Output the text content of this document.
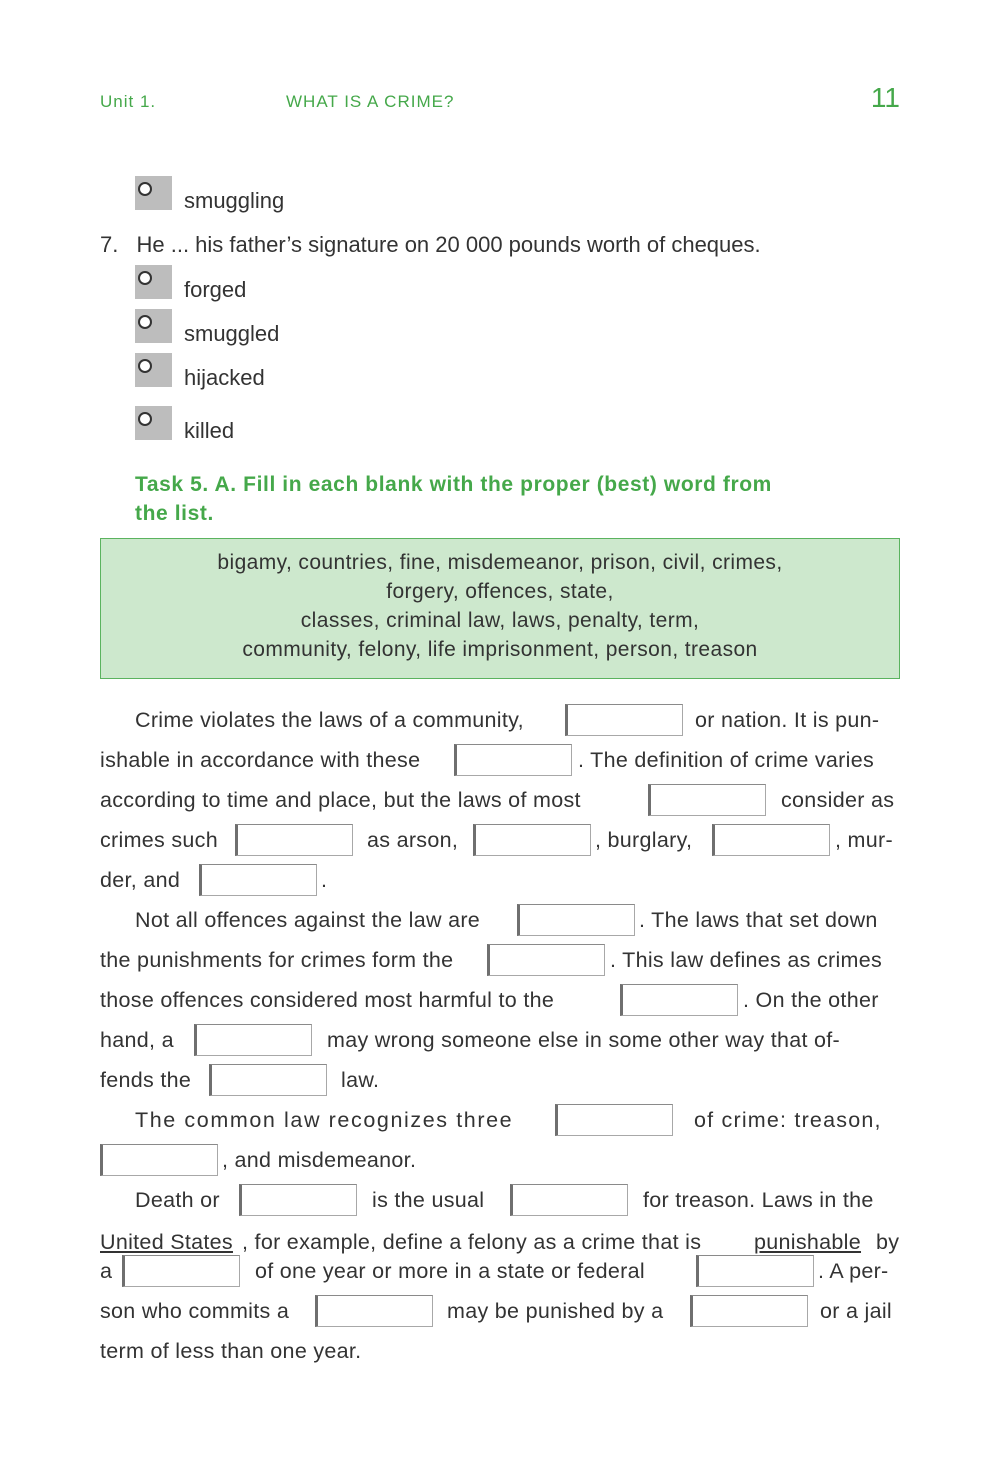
Unit 1.	WHAT IS A CRIME?	11
smuggling
7. He ... his father’s signature on 20 000 pounds worth of cheques.
forged
smuggled
hijacked
killed
Task 5. A. Fill in each blank with the proper (best) word from
the list.
bigamy, countries, fine, misdemeanor, prison, civil, crimes,
forgery, offences, state,
classes, criminal law, laws, penalty, term,
community, felony, life imprisonment, person, treason
Crime violates the laws of a community,	or nation. It is pun-
ishable in accordance with these	. The definition of crime varies
according to time and place, but the laws of most	consider as
crimes such	as arson,	, burglary,	, mur-
der, and	.
Not all offences against the law are	. The laws that set down
the punishments for crimes form the	. This law defines as crimes
those offences considered most harmful to the	. On the other
hand, a	may wrong someone else in some other way that of-
fends the	law.
The common law recognizes three	of crime: treason,
, and misdemeanor.
Death or	is the usual	for treason. Laws in the
United States , for example, define a felony as a crime that is punishable by
a	of one year or more in a state or federal	. A per-
son who commits a	may be punished by a	or a jail
term of less than one year.
